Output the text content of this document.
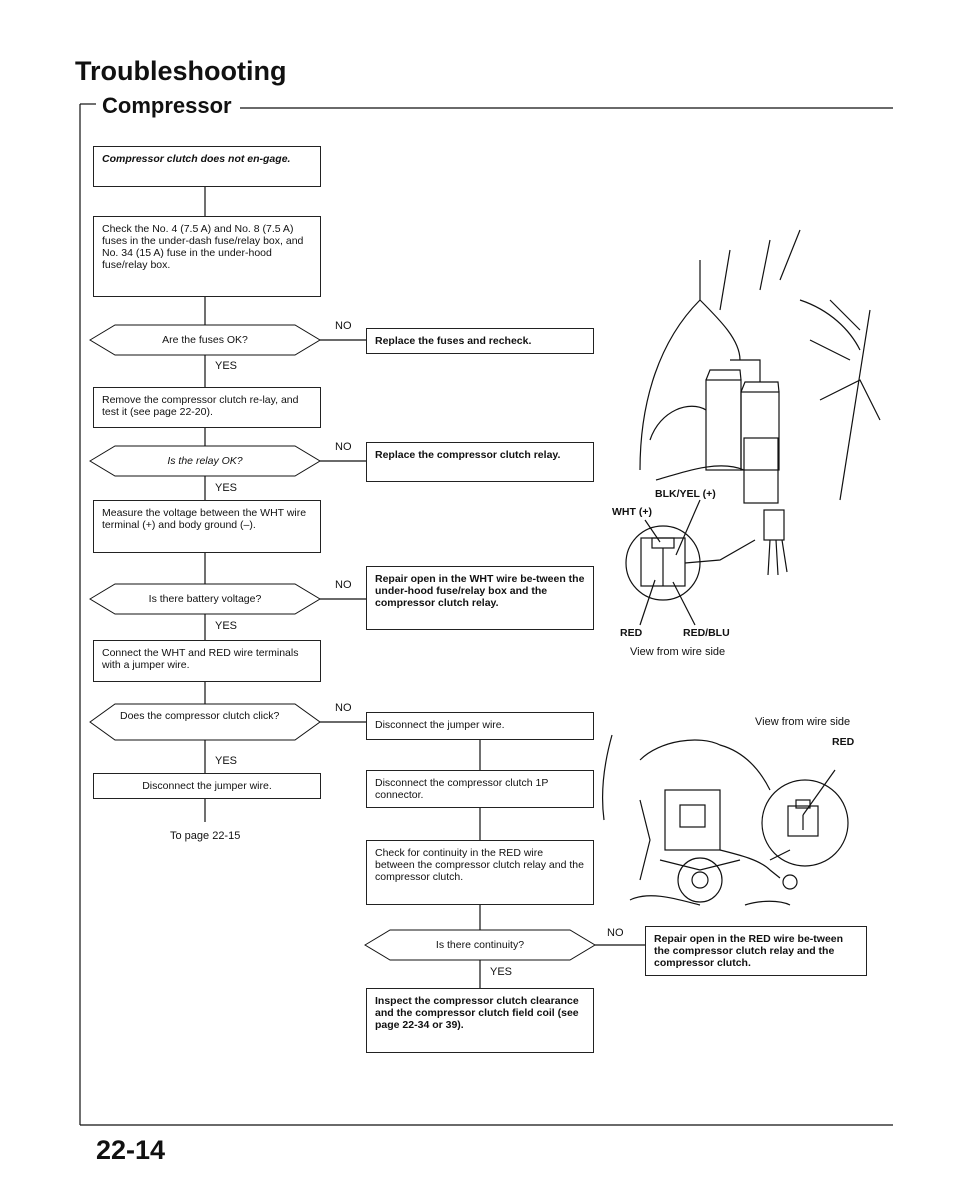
Troubleshooting
Compressor
Compressor clutch does not en-gage.
Check the No. 4 (7.5 A) and No. 8 (7.5 A) fuses in the under-dash fuse/relay box, and No. 34 (15 A) fuse in the under-hood fuse/relay box.
Are the fuses OK?
Remove the compressor clutch re-lay, and test it (see page 22-20).
Is the relay OK?
Measure the voltage between the WHT wire terminal (+) and body ground (–).
Is there battery voltage?
Connect the WHT and RED wire terminals with a jumper wire.
Does the compressor clutch click?
Disconnect the jumper wire.
To page 22-15
YES
YES
YES
YES
YES
NO
NO
NO
NO
NO
Replace the fuses and recheck.
Replace the compressor clutch relay.
Repair open in the WHT wire be-tween the under-hood fuse/relay box and the compressor clutch relay.
Disconnect the jumper wire.
Disconnect the compressor clutch 1P connector.
Check for continuity in the RED wire between the compressor clutch relay and the compressor clutch.
Is there continuity?	Repair open in the RED wire be-tween the compressor clutch relay and the compressor clutch.
Inspect the compressor clutch clearance and the compressor clutch field coil (see page 22-34 or 39).
BLK/YEL (+)
WHT (+)
RED	RED/BLU
View from wire side
View from wire side
RED
22-14
